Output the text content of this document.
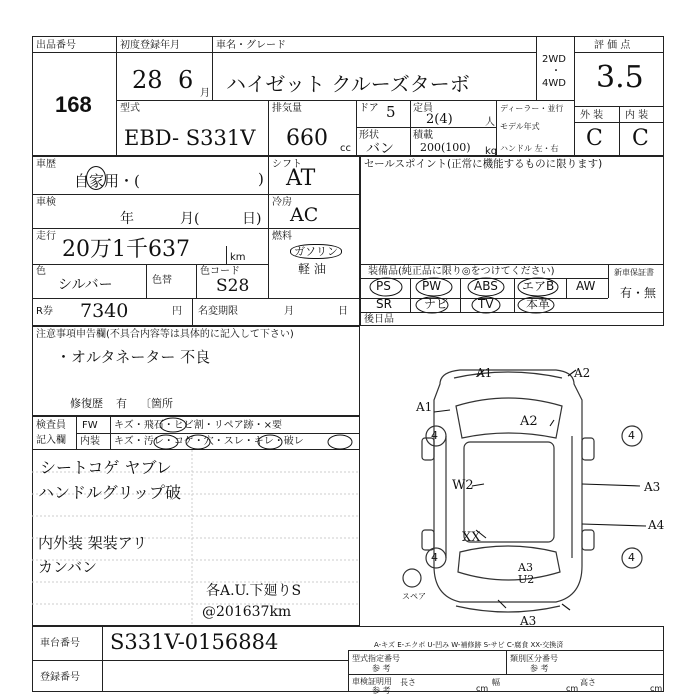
出品番号
168
初度登録年月
28 6 月
車名・グレード
ハイゼット クルーズターボ
2WD
・
4WD
評 価 点
3.5
外 装 内 装
C C
型式
EBD- S331V
排気量
660 cc
ドア 5 定員
2(4)	人
形状
バン
積載
200(100) kg
ディーラー・並行
モデル年式
ハンドル 左・右
車歴
自家用・(	)
車検
年	月(	日)
走行
20万1千637	km
色
シルバー	色替
色コード
S28
R券 7340	円 名変期限	月	日
シフト
AT
冷房
AC
燃料
ガソリン
軽 油
セールスポイント(正常に機能するものに限ります)
装備品(純正品に限り◎をつけてください)	新車保証書
有・無
PS	PW	ABS エアB AW
SR	ナビ TV	本革
後日品
注意事項申告欄(不具合内容等は具体的に記入して下さい)
・オルタネーター 不良
修復歴 有 〔箇所
検査員
記入欄
FW キズ・飛石・ヒビ割・リペア跡・×要
内装 キズ・汚レ・コゲ・穴・スレ・キレ・破レ
シートコゲ ヤブレ
ハンドルグリップ破
内外装 架装アリ
カンバン
各A.U.下廻りS
@201637km
A1	A2
A1
A2
A3
A4
W2
XX
A3 U2
A3
スペア
4	4
4	4
車台番号 S331V-0156884
登録番号
A-キズ E-エクボ U-凹み W-補修跡 S-サビ C-腐食 XX-交換済
型式指定番号
参 考
類別区分番号
参 考
車検証明用
参 考
長さ
cm
幅
cm
高さ
cm
